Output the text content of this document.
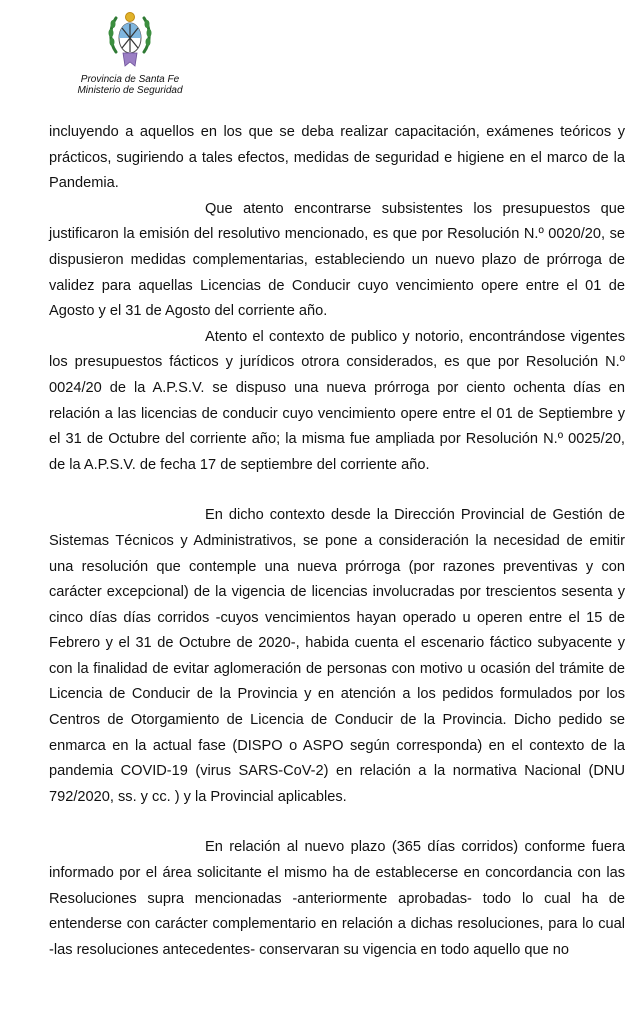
Provincia de Santa Fe
Ministerio de Seguridad

incluyendo a aquellos en los que se deba realizar capacitación, exámenes teóricos y prácticos, sugiriendo a tales efectos, medidas de seguridad e higiene en el marco de la Pandemia.

Que atento encontrarse subsistentes los presupuestos que justificaron la emisión del resolutivo mencionado, es que por Resolución N.º 0020/20, se dispusieron medidas complementarias, estableciendo un nuevo plazo de prórroga de validez para aquellas Licencias de Conducir cuyo vencimiento opere entre el 01 de Agosto y el 31 de Agosto del corriente año.

Atento el contexto de publico y notorio, encontrándose vigentes los presupuestos fácticos y jurídicos otrora considerados, es que por Resolución N.º 0024/20 de la A.P.S.V. se dispuso una nueva prórroga por ciento ochenta días en relación a las licencias de conducir cuyo vencimiento opere entre el 01 de Septiembre y el 31 de Octubre del corriente año; la misma fue ampliada por Resolución N.º 0025/20, de la A.P.S.V. de fecha 17 de septiembre del corriente año.

En dicho contexto desde la Dirección Provincial de Gestión de Sistemas Técnicos y Administrativos, se pone a consideración la necesidad de emitir una resolución que contemple una nueva prórroga (por razones preventivas y con carácter excepcional) de la vigencia de licencias involucradas por trescientos sesenta y cinco días días corridos -cuyos vencimientos hayan operado u operen entre el 15 de Febrero y el 31 de Octubre de 2020-, habida cuenta el escenario fáctico subyacente y con la finalidad de evitar aglomeración de personas con motivo u ocasión del trámite de Licencia de Conducir de la Provincia y en atención a los pedidos formulados por los Centros de Otorgamiento de Licencia de Conducir de la Provincia. Dicho pedido se enmarca en la actual fase (DISPO o ASPO según corresponda) en el contexto de la pandemia COVID-19 (virus SARS-CoV-2) en relación a la normativa Nacional (DNU 792/2020, ss. y cc. ) y la Provincial aplicables.

En relación al nuevo plazo (365 días corridos) conforme fuera informado por el área solicitante el mismo ha de establecerse en concordancia con las Resoluciones supra mencionadas -anteriormente aprobadas- todo lo cual ha de entenderse con carácter complementario en relación a dichas resoluciones, para lo cual -las resoluciones antecedentes- conservaran su vigencia en todo aquello que no
